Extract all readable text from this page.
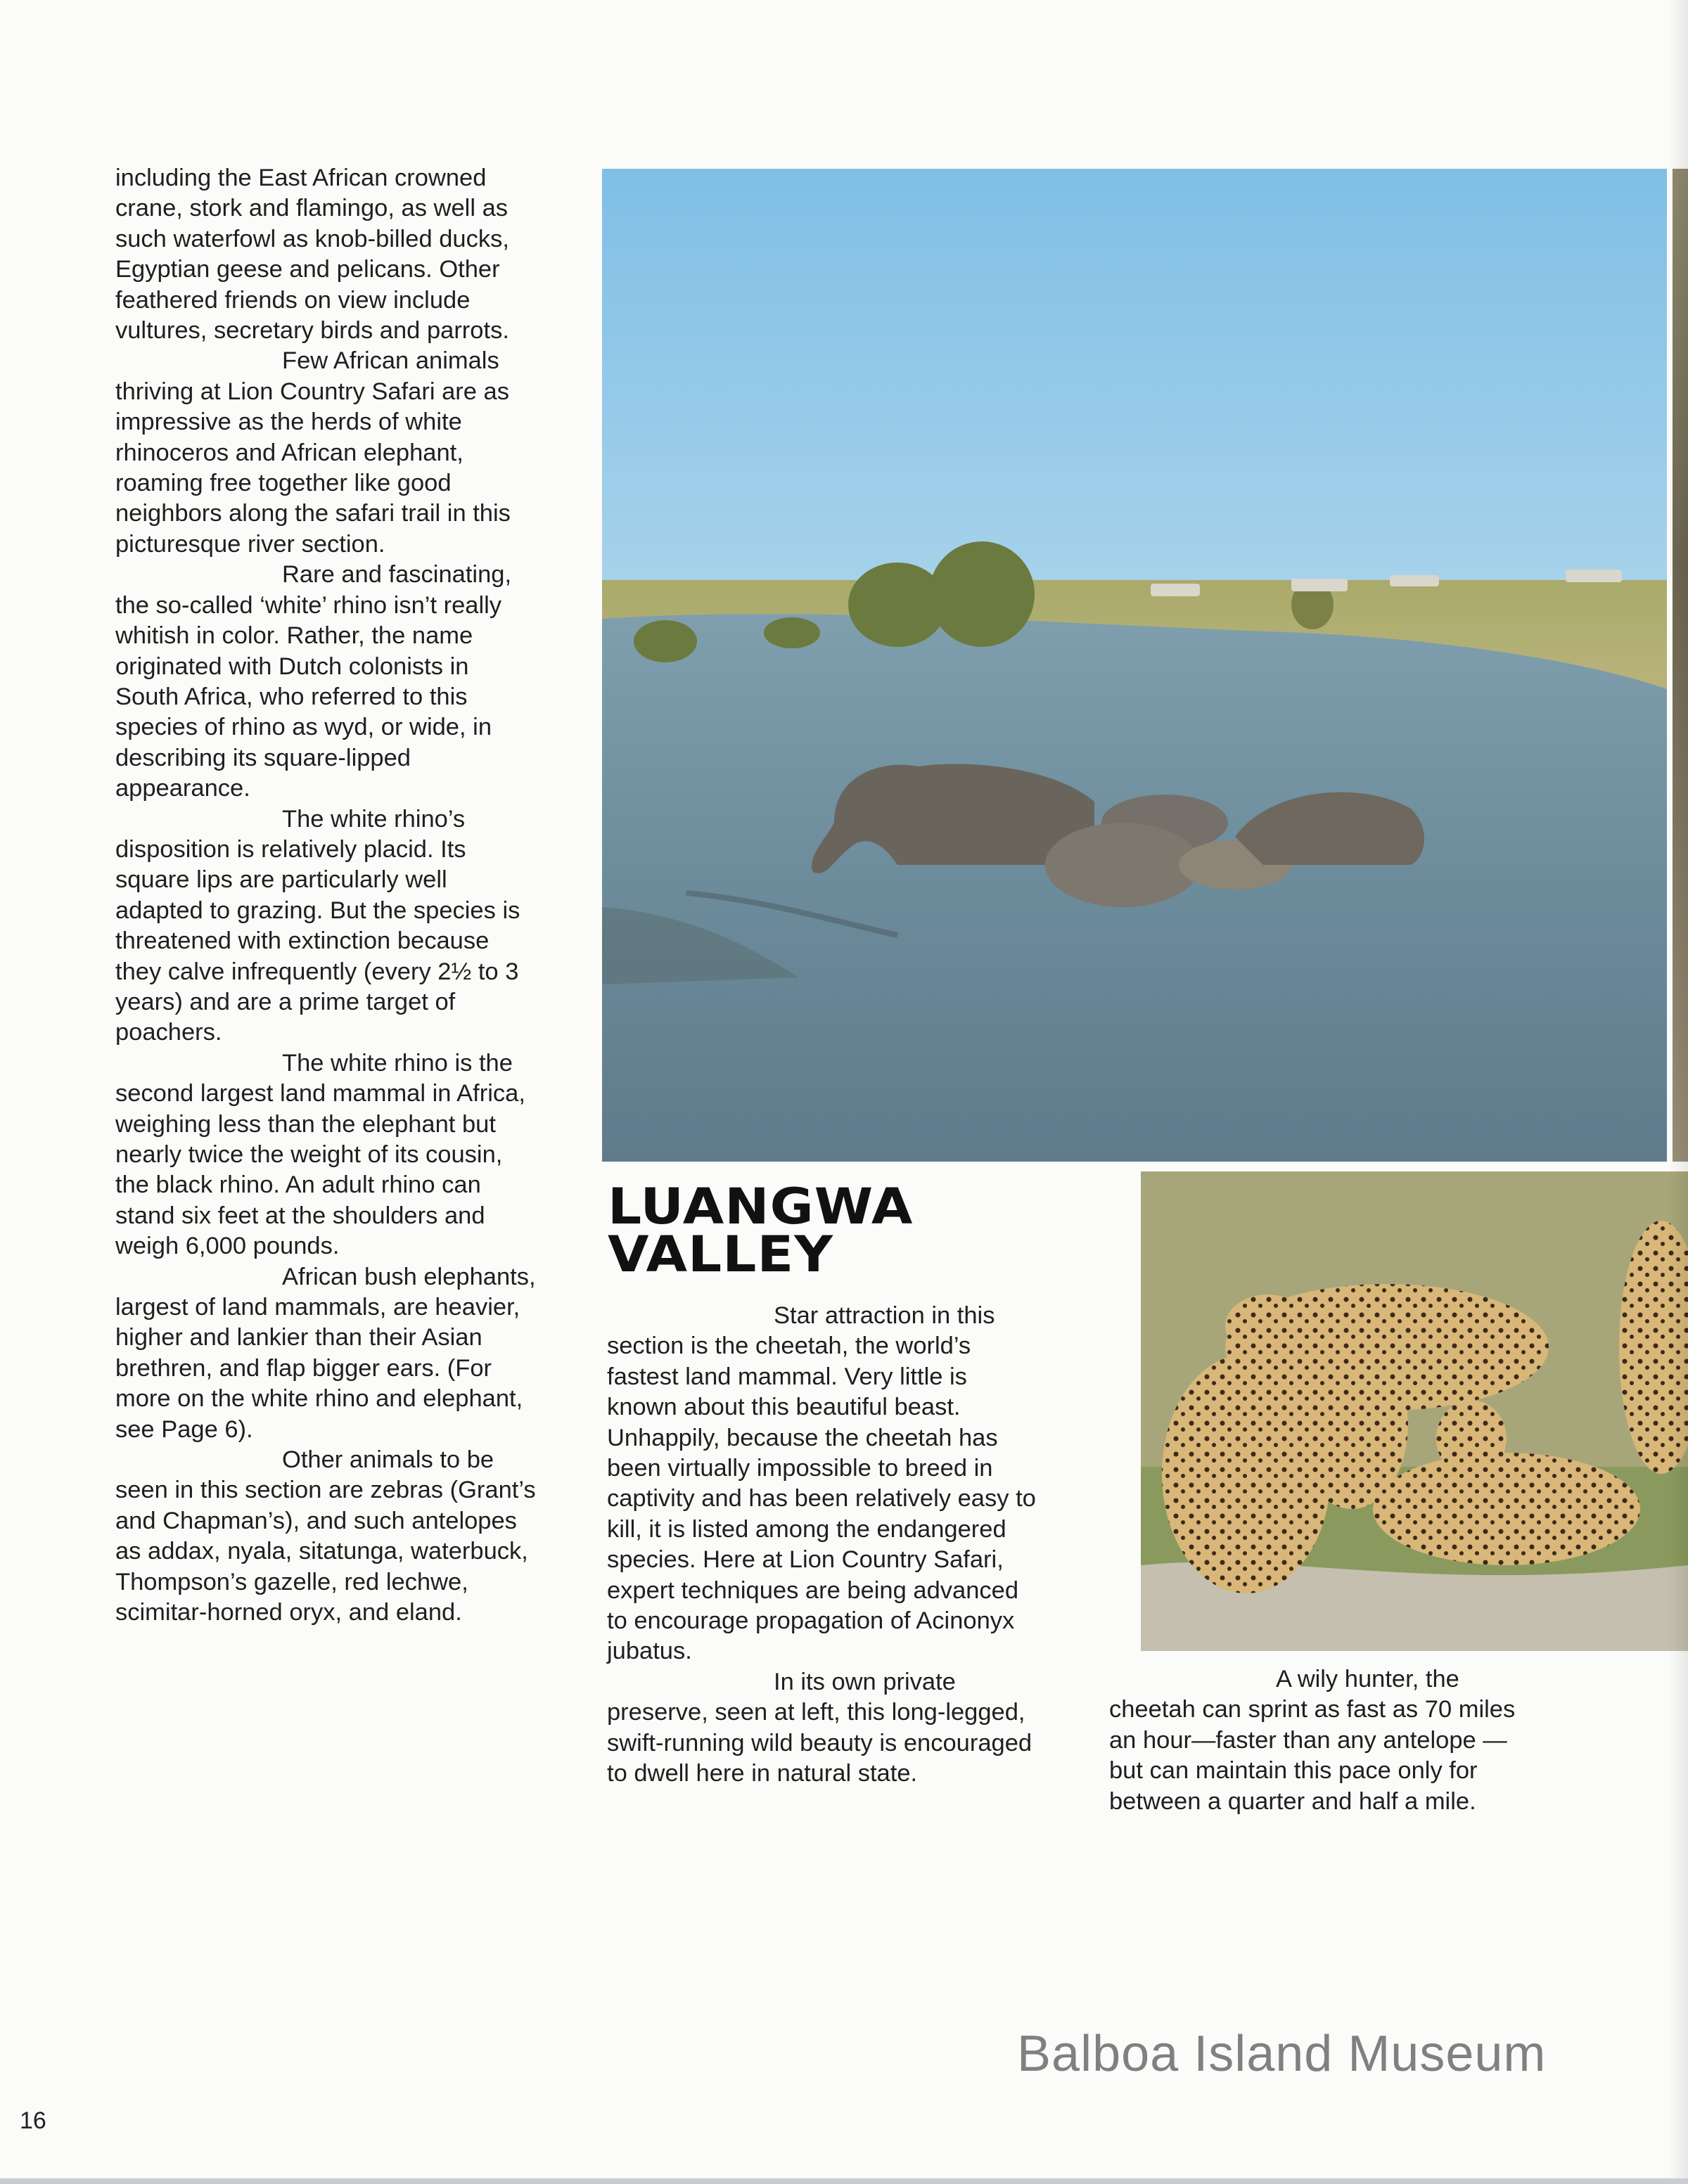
including the East African crowned crane, stork and flamingo, as well as such waterfowl as knob-billed ducks, Egyptian geese and pelicans. Other feathered friends on view include vultures, secretary birds and parrots.

Few African animals thriving at Lion Country Safari are as impressive as the herds of white rhinoceros and African elephant, roaming free together like good neighbors along the safari trail in this picturesque river section.

Rare and fascinating, the so-called ‘white’ rhino isn’t really whitish in color. Rather, the name originated with Dutch colonists in South Africa, who referred to this species of rhino as wyd, or wide, in describing its square-lipped appearance.

The white rhino’s disposition is relatively placid. Its square lips are particularly well adapted to grazing. But the species is threatened with extinction because they calve infrequently (every 2½ to 3 years) and are a prime target of poachers.

The white rhino is the second largest land mammal in Africa, weighing less than the elephant but nearly twice the weight of its cousin, the black rhino. An adult rhino can stand six feet at the shoulders and weigh 6,000 pounds.

African bush elephants, largest of land mammals, are heavier, higher and lankier than their Asian brethren, and flap bigger ears. (For more on the white rhino and elephant, see Page 6).

Other animals to be seen in this section are zebras (Grant’s and Chapman’s), and such antelopes as addax, nyala, sitatunga, waterbuck, Thompson’s gazelle, red lechwe, scimitar-horned oryx, and eland.

LUANGWA
VALLEY

Star attraction in this section is the cheetah, the world’s fastest land mammal. Very little is known about this beautiful beast. Unhappily, because the cheetah has been virtually impossible to breed in captivity and has been relatively easy to kill, it is listed among the endangered species. Here at Lion Country Safari, expert techniques are being advanced to encourage propagation of Acinonyx jubatus.

In its own private preserve, seen at left, this long-legged, swift-running wild beauty is encouraged to dwell here in natural state.

A wily hunter, the cheetah can sprint as fast as 70 miles an hour—faster than any antelope — but can maintain this pace only for between a quarter and half a mile.

16
Balboa Island Museum
